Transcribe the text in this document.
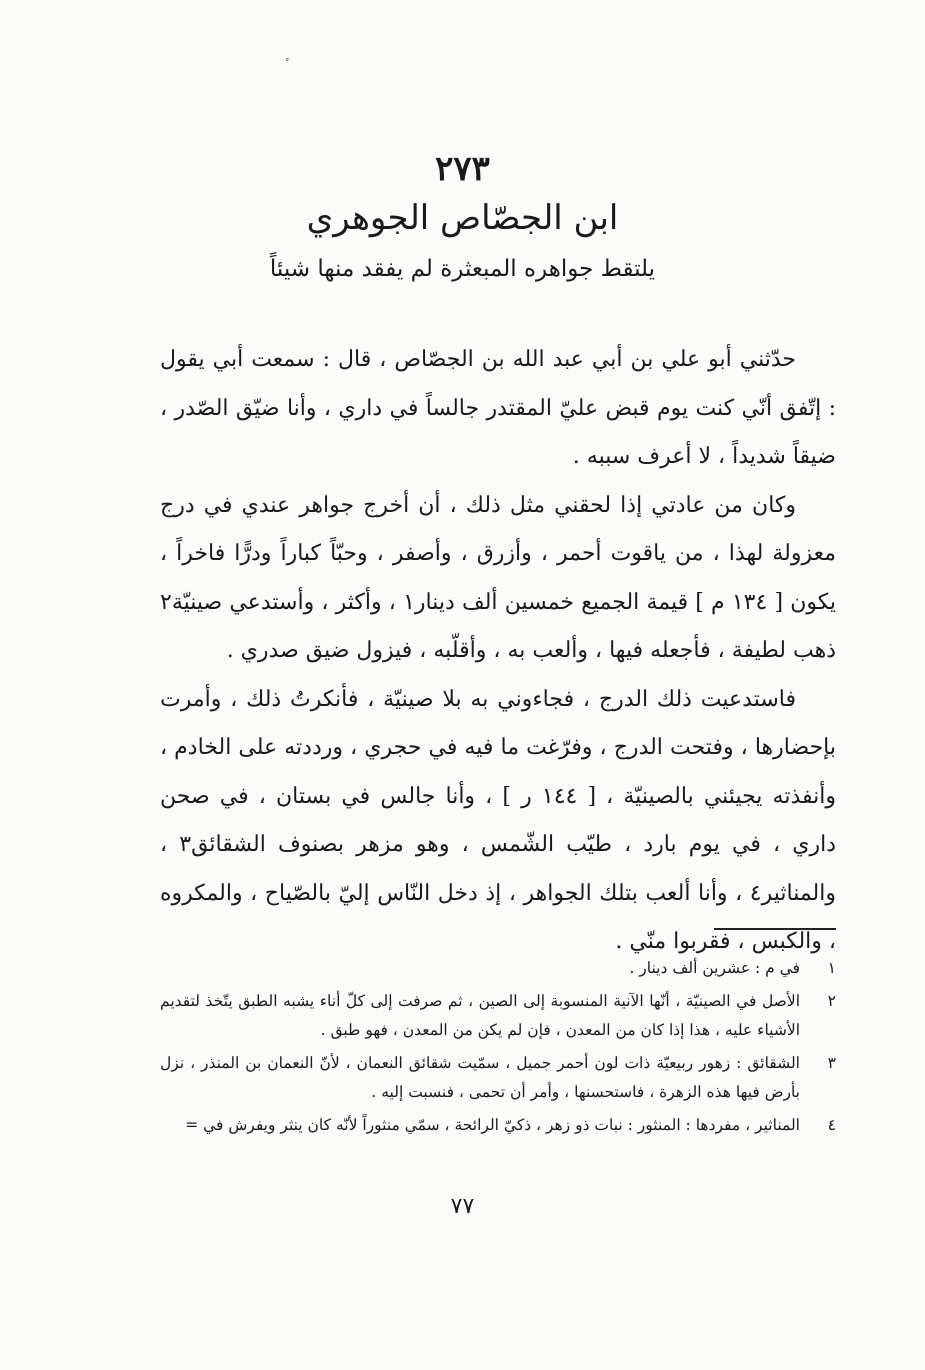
٢٧٣
ابن الجصّاص الجوهري
يلتقط جواهره المبعثرة لم يفقد منها شيئاً

حدّثني أبو علي بن أبي عبد الله بن الجصّاص ، قال : سمعت أبي يقول : إتّفق أنّي كنت يوم قبض عليّ المقتدر جالساً في داري ، وأنا ضيّق الصّدر ، ضيقاً شديداً ، لا أعرف سببه .

وكان من عادتي إذا لحقني مثل ذلك ، أن أخرج جواهر عندي في درج معزولة لهذا ، من ياقوت أحمر ، وأزرق ، وأصفر ، وحبّاً كباراً ودرًّا فاخراً ، يكون [ ١٣٤ م ] قيمة الجميع خمسين ألف دينار١ ، وأكثر ، وأستدعي صينيّة٢ ذهب لطيفة ، فأجعله فيها ، وألعب به ، وأقلّبه ، فيزول ضيق صدري .

فاستدعيت ذلك الدرج ، فجاءوني به بلا صينيّة ، فأنكرتُ ذلك ، وأمرت بإحضارها ، وفتحت الدرج ، وفرّغت ما فيه في حجري ، ورددته على الخادم ، وأنفذته يجيئني بالصينيّة ، [ ١٤٤ ر ] ، وأنا جالس في بستان ، في صحن داري ، في يوم بارد ، طيّب الشّمس ، وهو مزهر بصنوف الشقائق٣ ، والمناثير٤ ، وأنا ألعب بتلك الجواهر ، إذ دخل النّاس إليّ بالصّياح ، والمكروه ، والكبس ، فقربوا منّي .

١
في م : عشرين ألف دينار .
٢
الأصل في الصينيّة ، أنّها الآنية المنسوبة إلى الصين ، ثم صرفت إلى كلّ أناء يشبه الطبق يتّخذ لتقديم الأشياء عليه ، هذا إذا كان من المعدن ، فإن لم يكن من المعدن ، فهو طبق .
٣
الشقائق : زهور ربيعيّة ذات لون أحمر جميل ، سمّيت شقائق النعمان ، لأنّ النعمان بن المنذر ، نزل بأرض فيها هذه الزهرة ، فاستحسنها ، وأمر أن تحمى ، فنسبت إليه .
٤
المناثير ، مفردها : المنثور : نبات ذو زهر ، ذكيّ الرائحة ، سمّي منثوراً لأنّه كان ينثر ويفرش في =
٧٧
